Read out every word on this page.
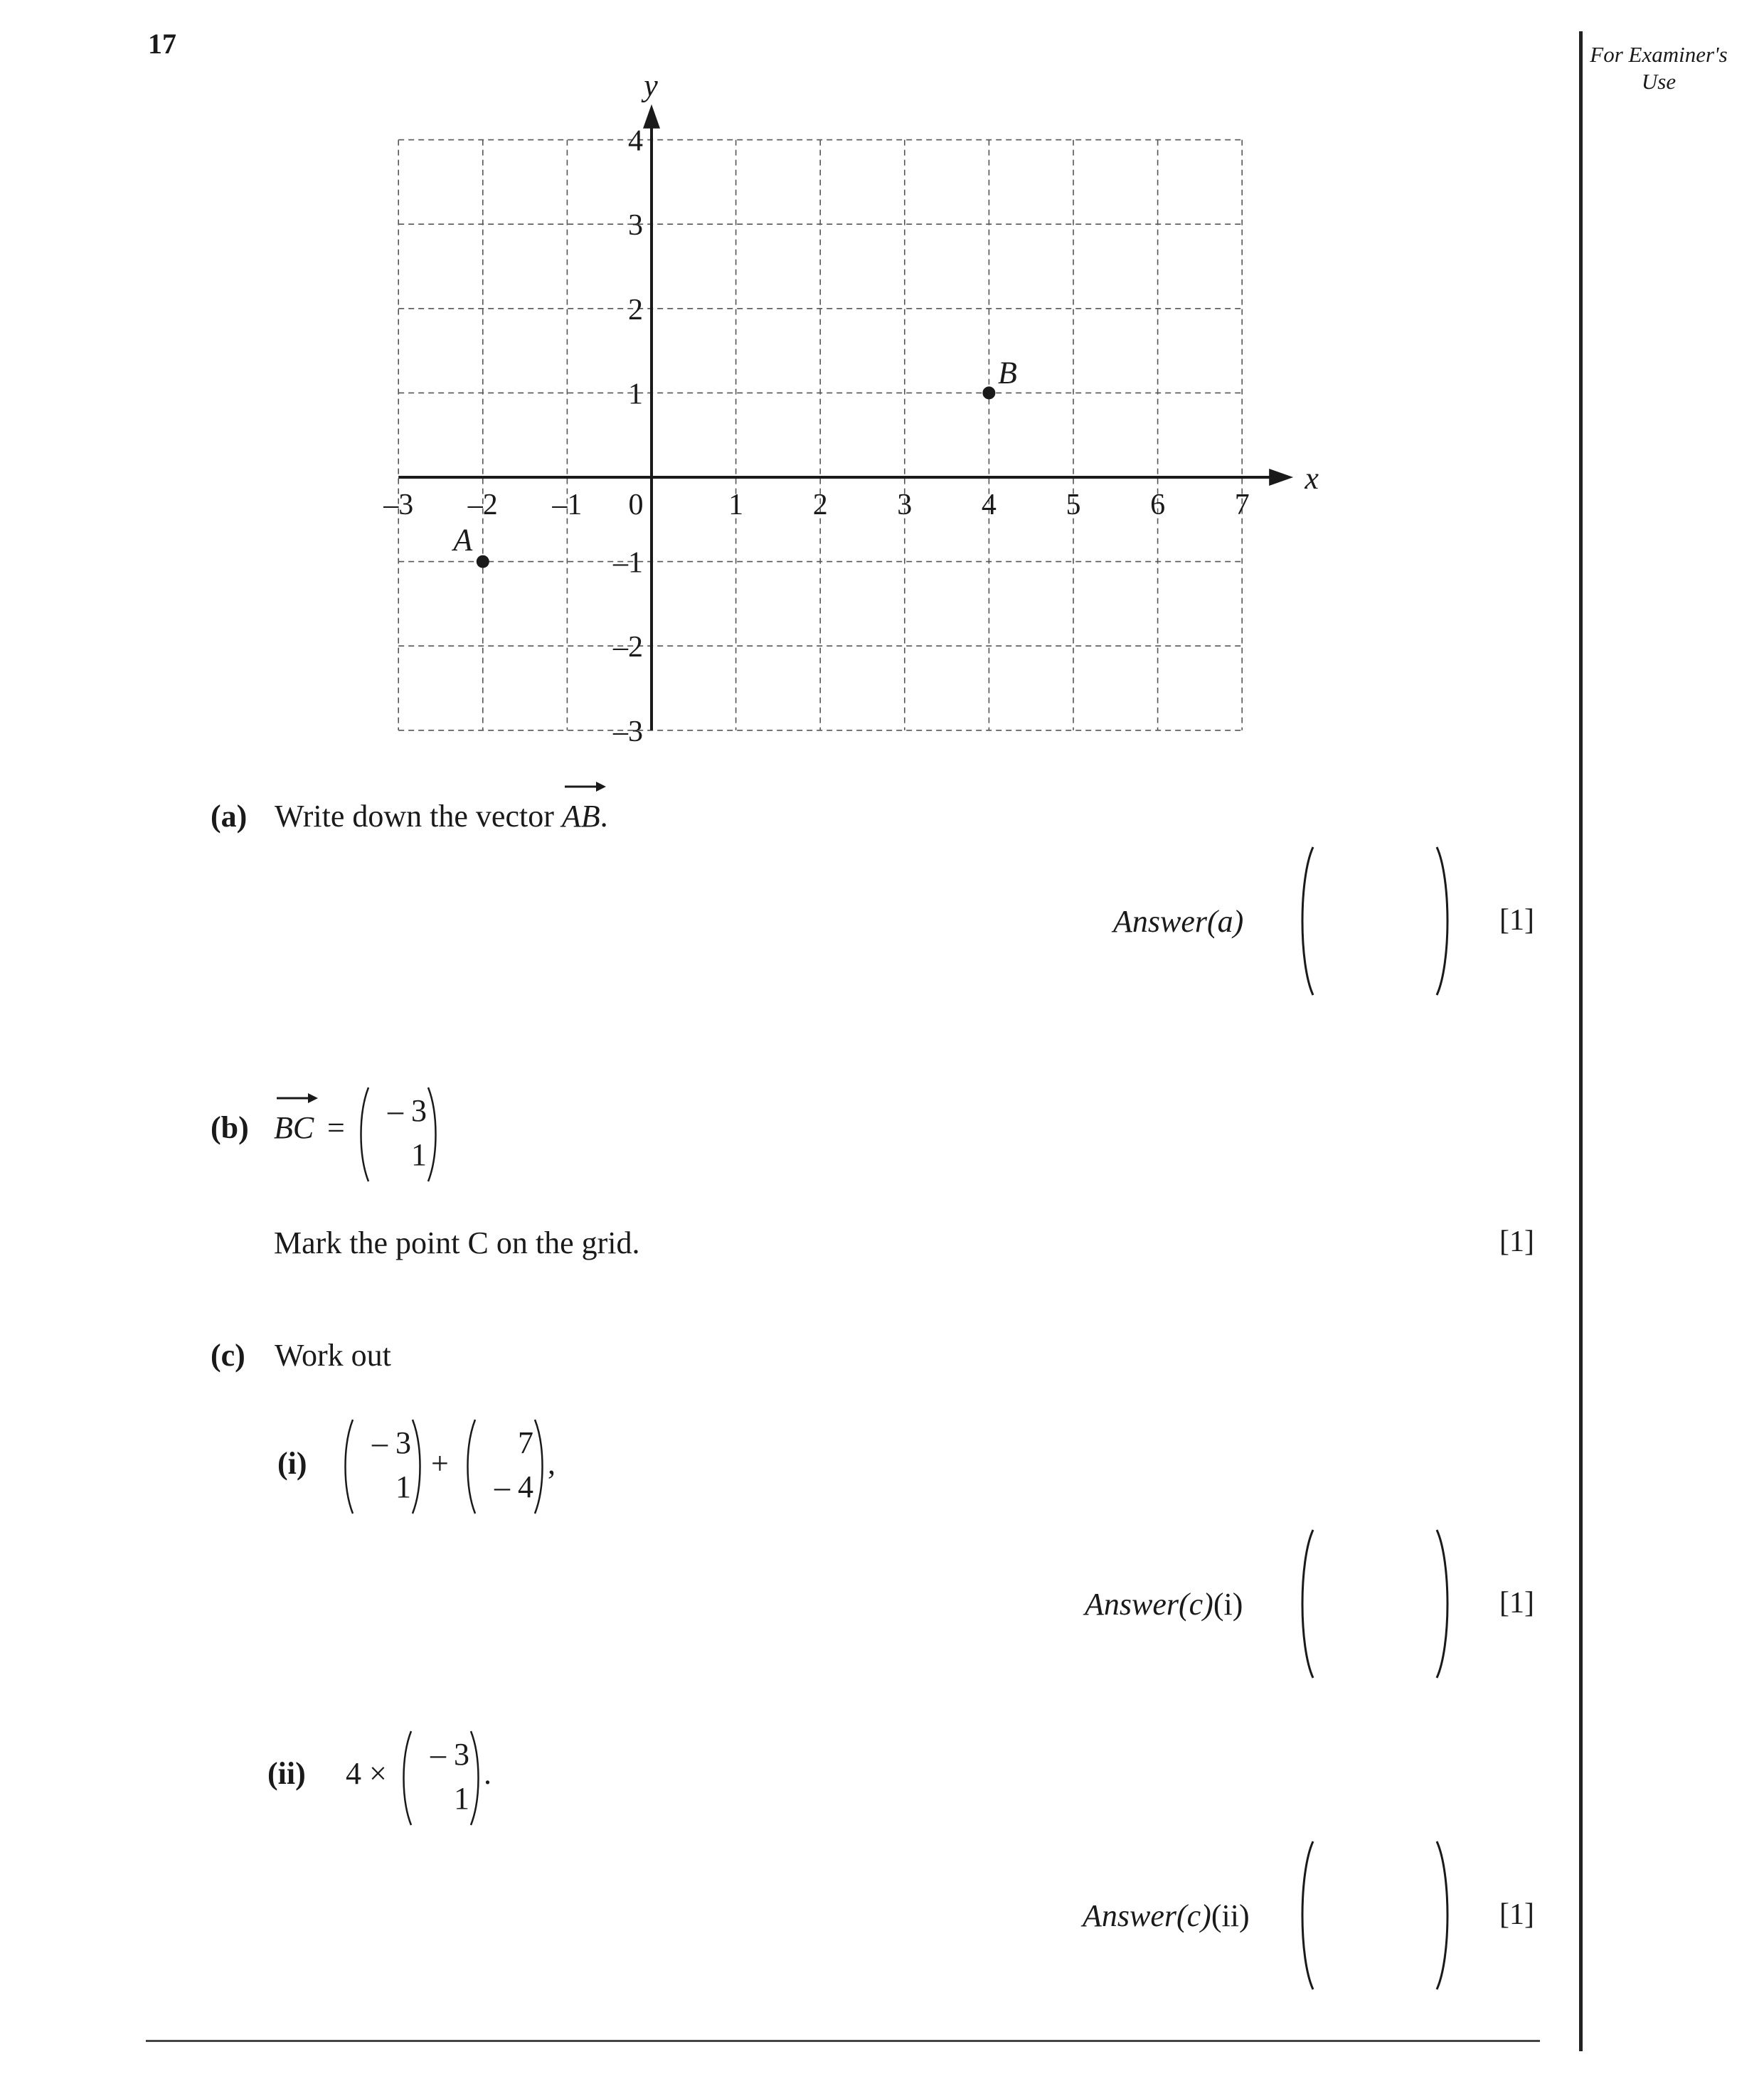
17	For Examiner's Use
x
y
–3 –2 –1 0	1 2 3 4 5 6 7
4
3
2
1
–1
–2
–3
A
B
(a) Write down the vector AB.
Answer(a)	[1]
(b) BC =	– 3
1
Mark the point C on the grid.	[1]
(c) Work out
(i)
– 3
1
+
7
– 4
,
Answer(c)(i)	[1]
(ii) 4 ×
– 3
1
.
Answer(c)(ii)	[1]
